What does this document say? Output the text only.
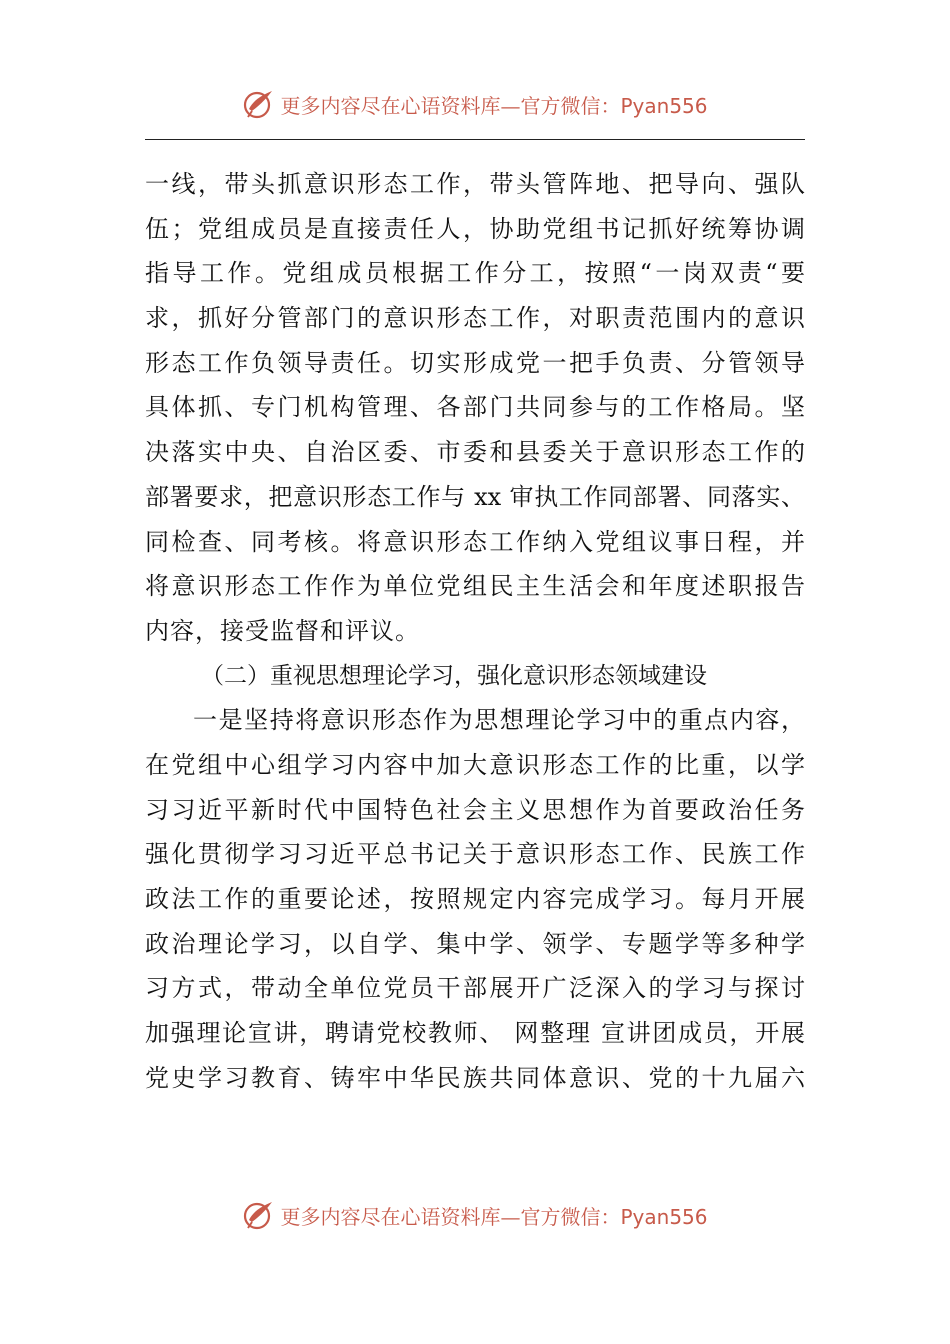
更多内容尽在心语资料库—官方微信：Pyan556
一线，带头抓意识形态工作，带头管阵地、把导向、强队
伍；党组成员是直接责任人，协助党组书记抓好统筹协调
指导工作。党组成员根据工作分工，按照“一岗双责“要
求，抓好分管部门的意识形态工作，对职责范围内的意识
形态工作负领导责任。切实形成党一把手负责、分管领导
具体抓、专门机构管理、各部门共同参与的工作格局。坚
决落实中央、自治区委、市委和县委关于意识形态工作的
部署要求，把意识形态工作与 xx 审执工作同部署、同落实、
同检查、同考核。将意识形态工作纳入党组议事日程，并
将意识形态工作作为单位党组民主生活会和年度述职报告
内容，接受监督和评议。
（二）重视思想理论学习，强化意识形态领域建设
一是坚持将意识形态作为思想理论学习中的重点内容，
在党组中心组学习内容中加大意识形态工作的比重，以学
习习近平新时代中国特色社会主义思想作为首要政治任务
强化贯彻学习习近平总书记关于意识形态工作、民族工作
政法工作的重要论述，按照规定内容完成学习。每月开展
政治理论学习，以自学、集中学、领学、专题学等多种学
习方式，带动全单位党员干部展开广泛深入的学习与探讨
加强理论宣讲，聘请党校教师、 网整理 宣讲团成员，开展
党史学习教育、铸牢中华民族共同体意识、党的十九届六
更多内容尽在心语资料库—官方微信：Pyan556
